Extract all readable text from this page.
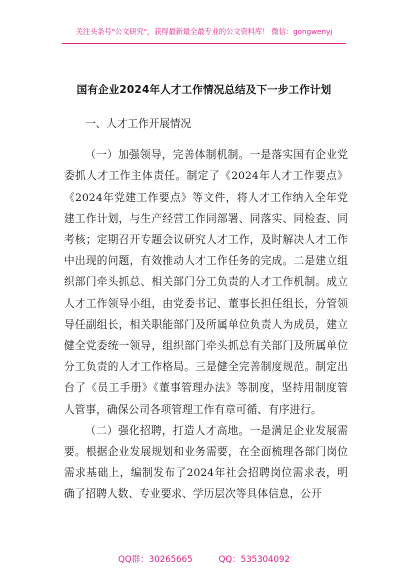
关注头条号"公文研究"，获得最新最全最专业的公文资料库！ 微信：gongwenyj
国有企业2024年人才工作情况总结及下一步工作计划

一、人才工作开展情况

（一）加强领导，完善体制机制。一是落实国有企业党委抓人才工作主体责任。制定了《2024年人才工作要点》《2024年党建工作要点》等文件，将人才工作纳入全年党建工作计划，与生产经营工作同部署、同落实、同检查、同考核；定期召开专题会议研究人才工作，及时解决人才工作中出现的问题，有效推动人才工作任务的完成。二是建立组织部门牵头抓总、相关部门分工负责的人才工作机制。成立人才工作领导小组，由党委书记、董事长担任组长，分管领导任副组长，相关职能部门及所属单位负责人为成员，建立健全党委统一领导，组织部门牵头抓总有关部门及所属单位分工负责的人才工作格局。三是健全完善制度规范。制定出台了《员工手册》《董事管理办法》等制度，坚持用制度管人管事，确保公司各项管理工作有章可循、有序进行。

（二）强化招聘，打造人才高地。一是满足企业发展需要。根据企业发展规划和业务需要，在全面梳理各部门岗位需求基础上，编制发布了2024年社会招聘岗位需求表，明确了招聘人数、专业要求、学历层次等具体信息，公开

QQ群：30265665	QQ：535304092
